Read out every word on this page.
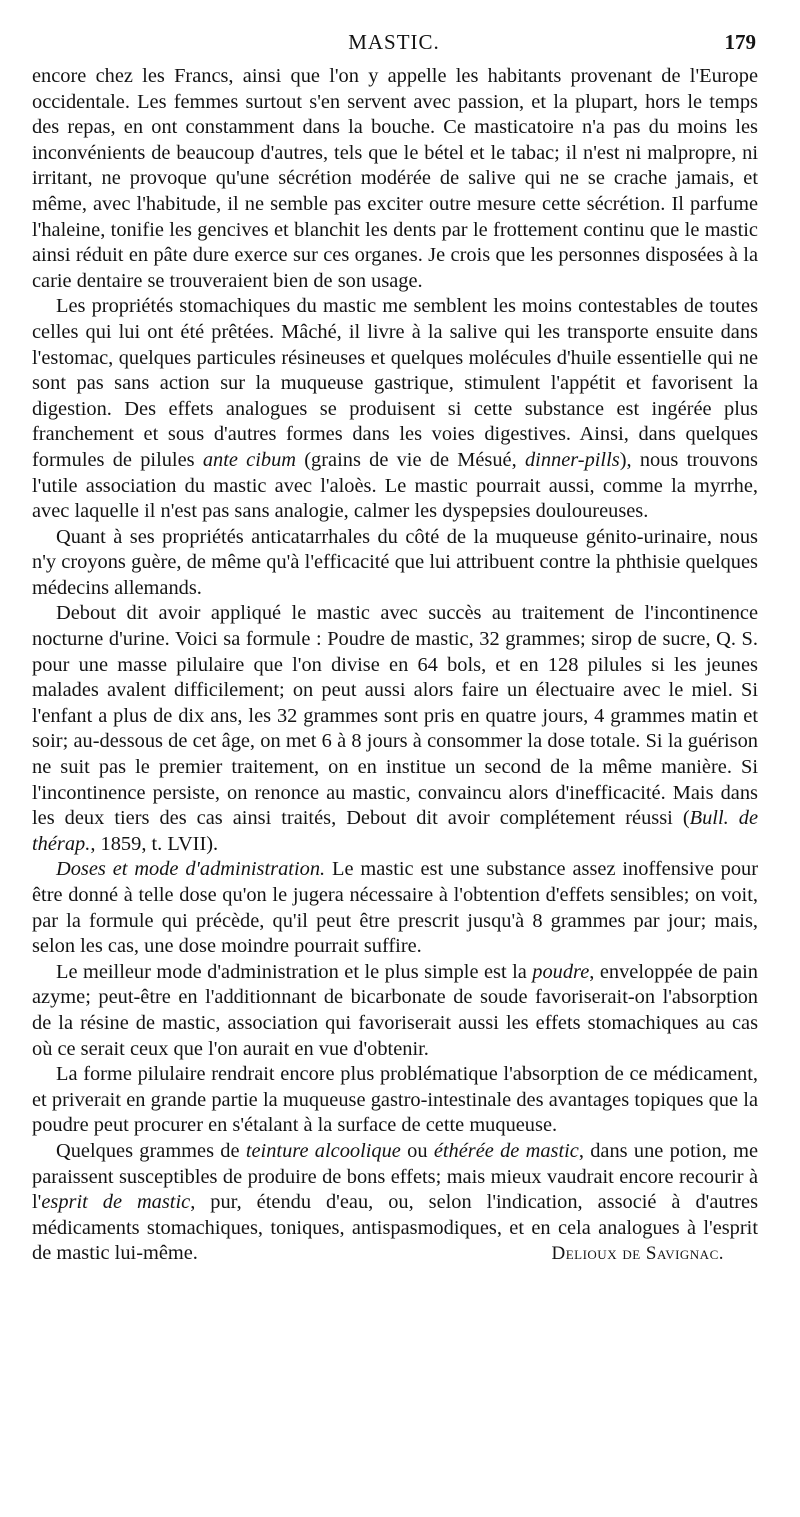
MASTIC.	179

encore chez les Francs, ainsi que l'on y appelle les habitants provenant de l'Europe occidentale. Les femmes surtout s'en servent avec passion, et la plupart, hors le temps des repas, en ont constamment dans la bouche. Ce masticatoire n'a pas du moins les inconvénients de beaucoup d'autres, tels que le bétel et le tabac; il n'est ni malpropre, ni irritant, ne provoque qu'une sécrétion modérée de salive qui ne se crache jamais, et même, avec l'habitude, il ne semble pas exciter outre mesure cette sécrétion. Il parfume l'haleine, tonifie les gencives et blanchit les dents par le frottement continu que le mastic ainsi réduit en pâte dure exerce sur ces organes. Je crois que les personnes disposées à la carie dentaire se trouveraient bien de son usage.

Les propriétés stomachiques du mastic me semblent les moins contestables de toutes celles qui lui ont été prêtées. Mâché, il livre à la salive qui les transporte ensuite dans l'estomac, quelques particules résineuses et quelques molécules d'huile essentielle qui ne sont pas sans action sur la muqueuse gastrique, stimulent l'appétit et favorisent la digestion. Des effets analogues se produisent si cette substance est ingérée plus franchement et sous d'autres formes dans les voies digestives. Ainsi, dans quelques formules de pilules ante cibum (grains de vie de Mésué, dinner-pills), nous trouvons l'utile association du mastic avec l'aloès. Le mastic pourrait aussi, comme la myrrhe, avec laquelle il n'est pas sans analogie, calmer les dyspepsies douloureuses.

Quant à ses propriétés anticatarrhales du côté de la muqueuse génito-urinaire, nous n'y croyons guère, de même qu'à l'efficacité que lui attribuent contre la phthisie quelques médecins allemands.

Debout dit avoir appliqué le mastic avec succès au traitement de l'incontinence nocturne d'urine. Voici sa formule : Poudre de mastic, 32 grammes; sirop de sucre, Q. S. pour une masse pilulaire que l'on divise en 64 bols, et en 128 pilules si les jeunes malades avalent difficilement; on peut aussi alors faire un électuaire avec le miel. Si l'enfant a plus de dix ans, les 32 grammes sont pris en quatre jours, 4 grammes matin et soir; au-dessous de cet âge, on met 6 à 8 jours à consommer la dose totale. Si la guérison ne suit pas le premier traitement, on en institue un second de la même manière. Si l'incontinence persiste, on renonce au mastic, convaincu alors d'inefficacité. Mais dans les deux tiers des cas ainsi traités, Debout dit avoir complétement réussi (Bull. de thérap., 1859, t. LVII).

Doses et mode d'administration. Le mastic est une substance assez inoffensive pour être donné à telle dose qu'on le jugera nécessaire à l'obtention d'effets sensibles; on voit, par la formule qui précède, qu'il peut être prescrit jusqu'à 8 grammes par jour; mais, selon les cas, une dose moindre pourrait suffire.

Le meilleur mode d'administration et le plus simple est la poudre, enveloppée de pain azyme; peut-être en l'additionnant de bicarbonate de soude favoriserait-on l'absorption de la résine de mastic, association qui favoriserait aussi les effets stomachiques au cas où ce serait ceux que l'on aurait en vue d'obtenir.

La forme pilulaire rendrait encore plus problématique l'absorption de ce médicament, et priverait en grande partie la muqueuse gastro-intestinale des avantages topiques que la poudre peut procurer en s'étalant à la surface de cette muqueuse.

Quelques grammes de teinture alcoolique ou éthérée de mastic, dans une potion, me paraissent susceptibles de produire de bons effets; mais mieux vaudrait encore recourir à l'esprit de mastic, pur, étendu d'eau, ou, selon l'indication, associé à d'autres médicaments stomachiques, toniques, antispasmodiques, et en cela analogues à l'esprit de mastic lui-même.	Delioux de Savignac.
